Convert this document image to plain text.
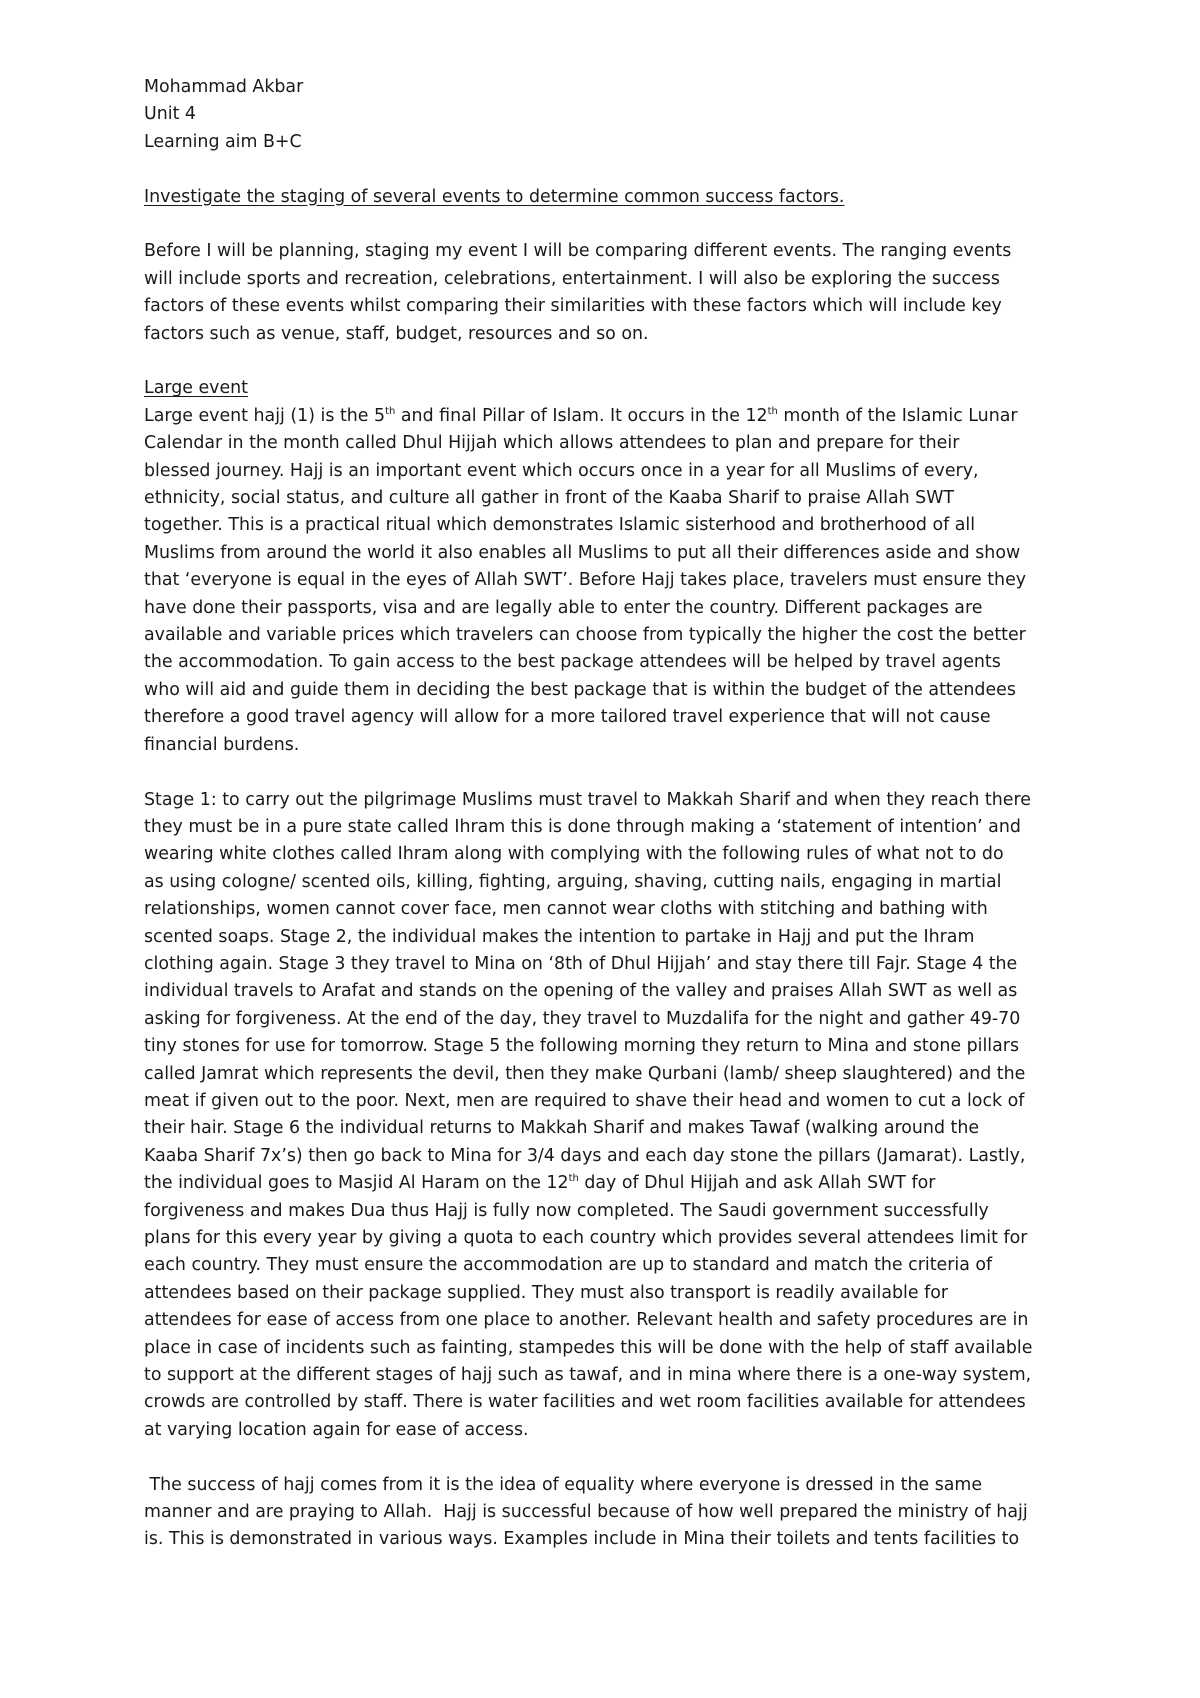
Mohammad Akbar
Unit 4
Learning aim B+C
Investigate the staging of several events to determine common success factors.
Before I will be planning, staging my event I will be comparing different events. The ranging events
will include sports and recreation, celebrations, entertainment. I will also be exploring the success
factors of these events whilst comparing their similarities with these factors which will include key
factors such as venue, staff, budget, resources and so on.
Large event
Large event hajj (1) is the 5th and final Pillar of Islam. It occurs in the 12th month of the Islamic Lunar
Calendar in the month called Dhul Hijjah which allows attendees to plan and prepare for their
blessed journey. Hajj is an important event which occurs once in a year for all Muslims of every,
ethnicity, social status, and culture all gather in front of the Kaaba Sharif to praise Allah SWT
together. This is a practical ritual which demonstrates Islamic sisterhood and brotherhood of all
Muslims from around the world it also enables all Muslims to put all their differences aside and show
that ‘everyone is equal in the eyes of Allah SWT’. Before Hajj takes place, travelers must ensure they
have done their passports, visa and are legally able to enter the country. Different packages are
available and variable prices which travelers can choose from typically the higher the cost the better
the accommodation. To gain access to the best package attendees will be helped by travel agents
who will aid and guide them in deciding the best package that is within the budget of the attendees
therefore a good travel agency will allow for a more tailored travel experience that will not cause
financial burdens.
Stage 1: to carry out the pilgrimage Muslims must travel to Makkah Sharif and when they reach there
they must be in a pure state called Ihram this is done through making a ‘statement of intention’ and
wearing white clothes called Ihram along with complying with the following rules of what not to do
as using cologne/ scented oils, killing, fighting, arguing, shaving, cutting nails, engaging in martial
relationships, women cannot cover face, men cannot wear cloths with stitching and bathing with
scented soaps. Stage 2, the individual makes the intention to partake in Hajj and put the Ihram
clothing again. Stage 3 they travel to Mina on ‘8th of Dhul Hijjah’ and stay there till Fajr. Stage 4 the
individual travels to Arafat and stands on the opening of the valley and praises Allah SWT as well as
asking for forgiveness. At the end of the day, they travel to Muzdalifa for the night and gather 49-70
tiny stones for use for tomorrow. Stage 5 the following morning they return to Mina and stone pillars
called Jamrat which represents the devil, then they make Qurbani (lamb/ sheep slaughtered) and the
meat if given out to the poor. Next, men are required to shave their head and women to cut a lock of
their hair. Stage 6 the individual returns to Makkah Sharif and makes Tawaf (walking around the
Kaaba Sharif 7x’s) then go back to Mina for 3/4 days and each day stone the pillars (Jamarat). Lastly,
the individual goes to Masjid Al Haram on the 12th day of Dhul Hijjah and ask Allah SWT for
forgiveness and makes Dua thus Hajj is fully now completed. The Saudi government successfully
plans for this every year by giving a quota to each country which provides several attendees limit for
each country. They must ensure the accommodation are up to standard and match the criteria of
attendees based on their package supplied. They must also transport is readily available for
attendees for ease of access from one place to another. Relevant health and safety procedures are in
place in case of incidents such as fainting, stampedes this will be done with the help of staff available
to support at the different stages of hajj such as tawaf, and in mina where there is a one-way system,
crowds are controlled by staff. There is water facilities and wet room facilities available for attendees
at varying location again for ease of access.
The success of hajj comes from it is the idea of equality where everyone is dressed in the same
manner and are praying to Allah.  Hajj is successful because of how well prepared the ministry of hajj
is. This is demonstrated in various ways. Examples include in Mina their toilets and tents facilities to
